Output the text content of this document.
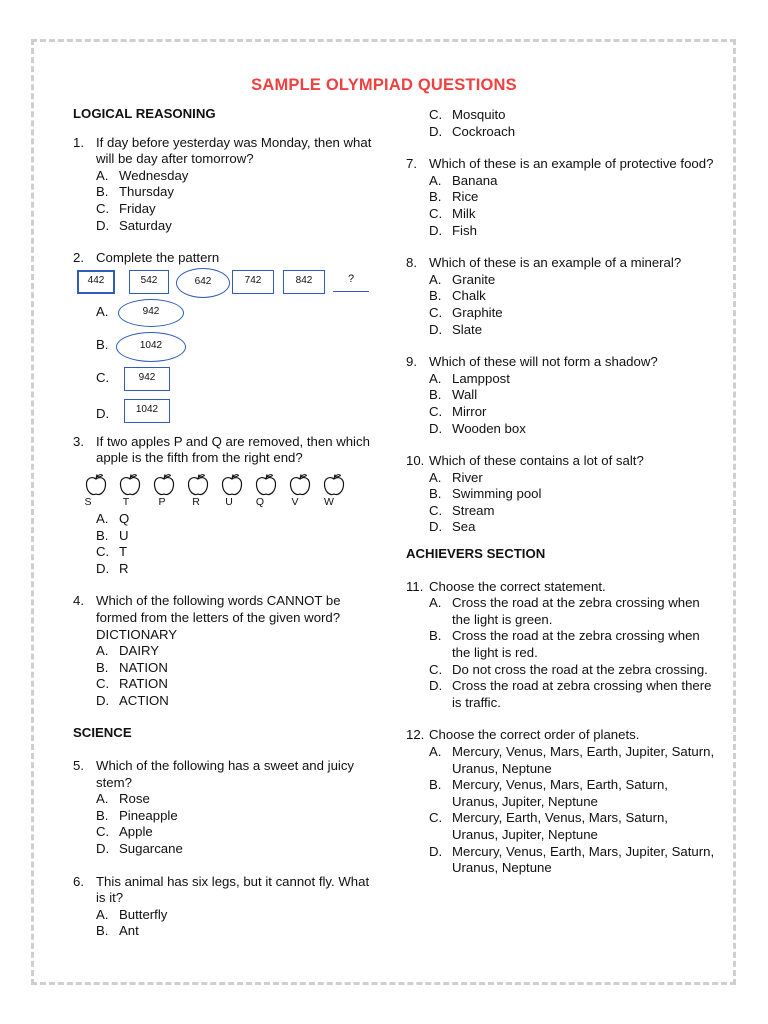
SAMPLE OLYMPIAD QUESTIONS

LOGICAL REASONING

1. If day before yesterday was Monday, then what will be day after tomorrow?
A. Wednesday
B. Thursday
C. Friday
D. Saturday
2. Complete the pattern
442	542	642	742	842	?
A.	942
B.	1042
C.	942
D.	1042
3. If two apples P and Q are removed, then which apple is the fifth from the right end?
S	T	P	R	U	Q	V	W
A. Q
B. U
C. T
D. R
4. Which of the following words CANNOT be formed from the letters of the given word? DICTIONARY
A. DAIRY
B. NATION
C. RATION
D. ACTION

SCIENCE

5. Which of the following has a sweet and juicy stem?
A. Rose
B. Pineapple
C. Apple
D. Sugarcane
6. This animal has six legs, but it cannot fly. What is it?
A. Butterfly
B. Ant
C. Mosquito
D. Cockroach
7. Which of these is an example of protective food?
A. Banana
B. Rice
C. Milk
D. Fish
8. Which of these is an example of a mineral?
A. Granite
B. Chalk
C. Graphite
D. Slate
9. Which of these will not form a shadow?
A. Lamppost
B. Wall
C. Mirror
D. Wooden box
10. Which of these contains a lot of salt?
A. River
B. Swimming pool
C. Stream
D. Sea

ACHIEVERS SECTION

11. Choose the correct statement.
A. Cross the road at the zebra crossing when the light is green.
B. Cross the road at the zebra crossing when the light is red.
C. Do not cross the road at the zebra crossing.
D. Cross the road at zebra crossing when there is traffic.
12. Choose the correct order of planets.
A. Mercury, Venus, Mars, Earth, Jupiter, Saturn, Uranus, Neptune
B. Mercury, Venus, Mars, Earth, Saturn, Uranus, Jupiter, Neptune
C. Mercury, Earth, Venus, Mars, Saturn, Uranus, Jupiter, Neptune
D. Mercury, Venus, Earth, Mars, Jupiter, Saturn, Uranus, Neptune
